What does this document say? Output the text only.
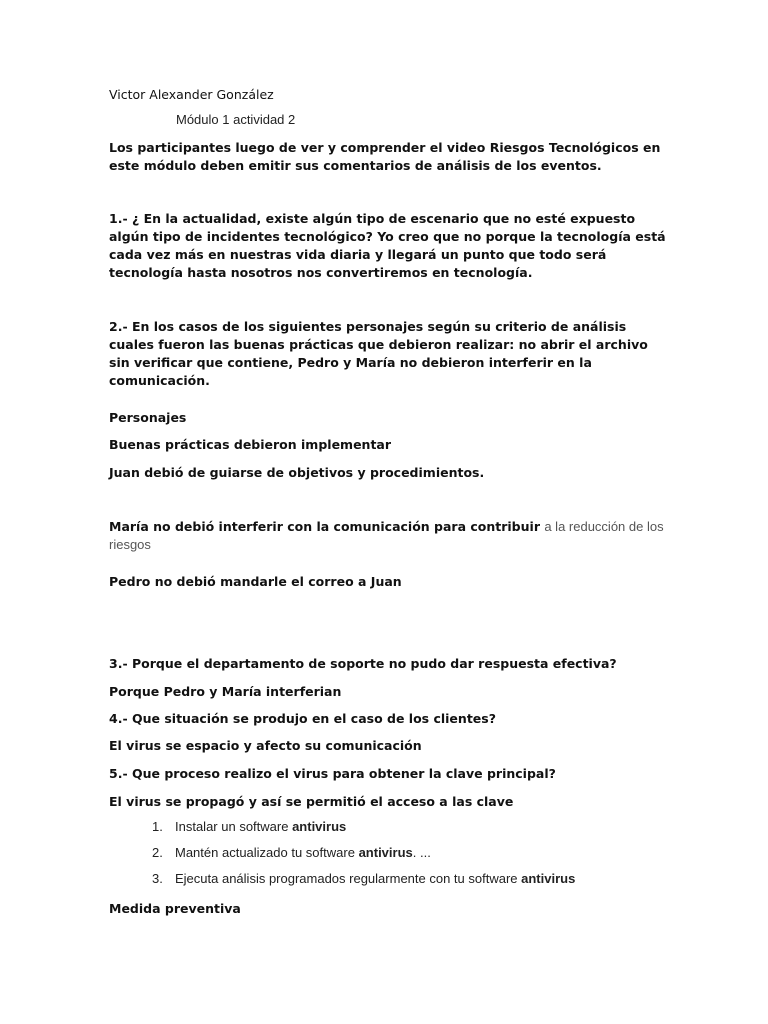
Victor Alexander González
Módulo 1 actividad 2
Los participantes luego de ver y comprender el video Riesgos Tecnológicos en este módulo deben emitir sus comentarios de análisis de los eventos.
1.- ¿ En la actualidad, existe algún tipo de escenario que no esté expuesto algún tipo de incidentes tecnológico? Yo creo que no porque la tecnología está cada vez más en nuestras vida diaria y llegará un punto que todo será tecnología hasta nosotros nos convertiremos en tecnología.
2.- En los casos de los siguientes personajes según su criterio de análisis cuales fueron las buenas prácticas que debieron realizar: no abrir el archivo sin verificar que contiene, Pedro y María no debieron interferir en la comunicación.
Personajes
Buenas prácticas debieron implementar
Juan debió de guiarse de objetivos y procedimientos.
María no debió interferir con la comunicación para contribuir a la reducción de los riesgos
Pedro no debió mandarle el correo a Juan
3.- Porque el departamento de soporte no pudo dar respuesta efectiva?
Porque Pedro y María interferian
4.- Que situación se produjo en el caso de los clientes?
El virus se espacio y afecto su comunicación
5.- Que proceso realizo el virus para obtener la clave principal?
El virus se propagó y así se permitió el acceso a las clave
1. Instalar un software antivirus
2. Mantén actualizado tu software antivirus. ...
3. Ejecuta análisis programados regularmente con tu software antivirus
Medida preventiva
